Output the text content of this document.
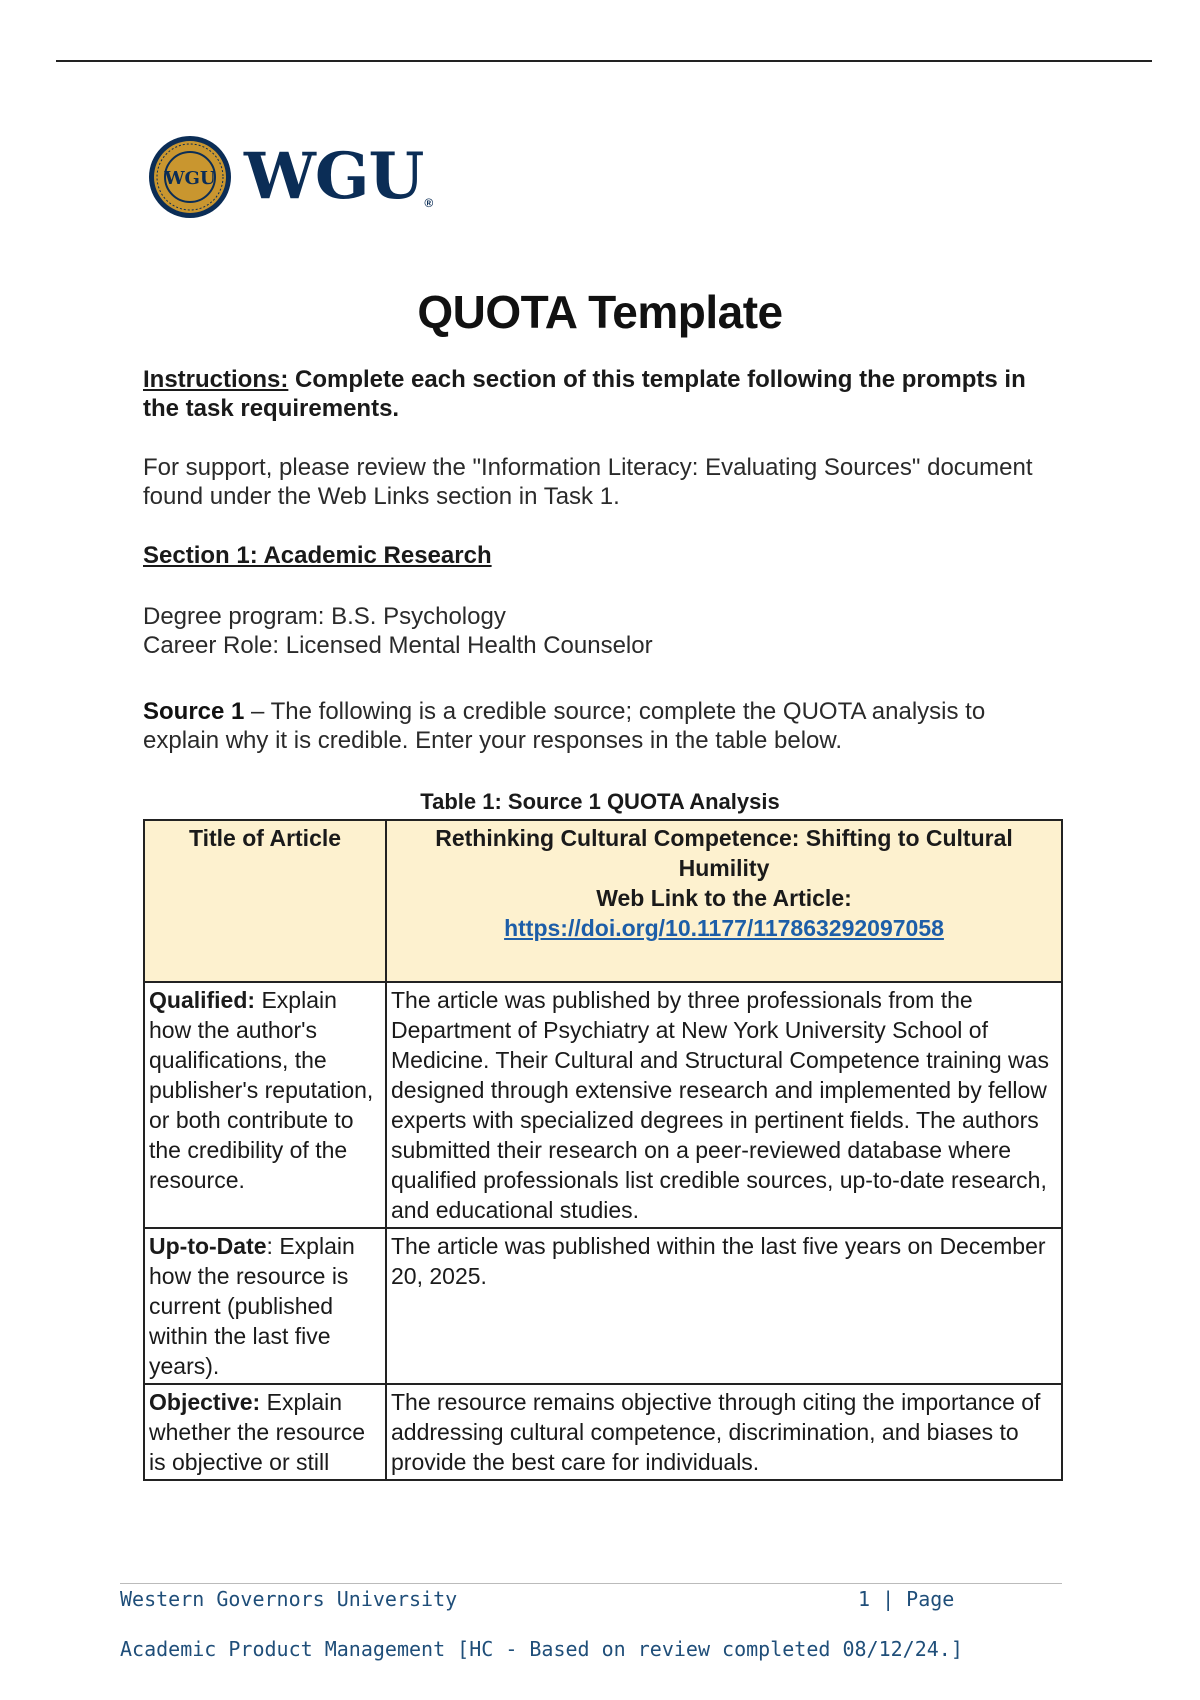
WGU WGU®
QUOTA Template
Instructions: Complete each section of this template following the prompts in the task requirements.
For support, please review the "Information Literacy: Evaluating Sources" document found under the Web Links section in Task 1.
Section 1: Academic Research
Degree program: B.S. Psychology
Career Role: Licensed Mental Health Counselor
Source 1 – The following is a credible source; complete the QUOTA analysis to explain why it is credible. Enter your responses in the table below.
Table 1: Source 1 QUOTA Analysis
Title of Article	Rethinking Cultural Competence: Shifting to Cultural Humility
Web Link to the Article:
https://doi.org/10.1177/117863292097058

Qualified: Explain how the author's qualifications, the publisher's reputation, or both contribute to the credibility of the resource.	The article was published by three professionals from the Department of Psychiatry at New York University School of Medicine. Their Cultural and Structural Competence training was designed through extensive research and implemented by fellow experts with specialized degrees in pertinent fields. The authors submitted their research on a peer-reviewed database where qualified professionals list credible sources, up-to-date research, and educational studies.
Up-to-Date: Explain how the resource is current (published within the last five years).	The article was published within the last five years on December 20, 2025.
Objective: Explain whether the resource is objective or still	The resource remains objective through citing the importance of addressing cultural competence, discrimination, and biases to provide the best care for individuals.
Western Governors University	1 | Page
Academic Product Management [HC - Based on review completed 08/12/24.]
